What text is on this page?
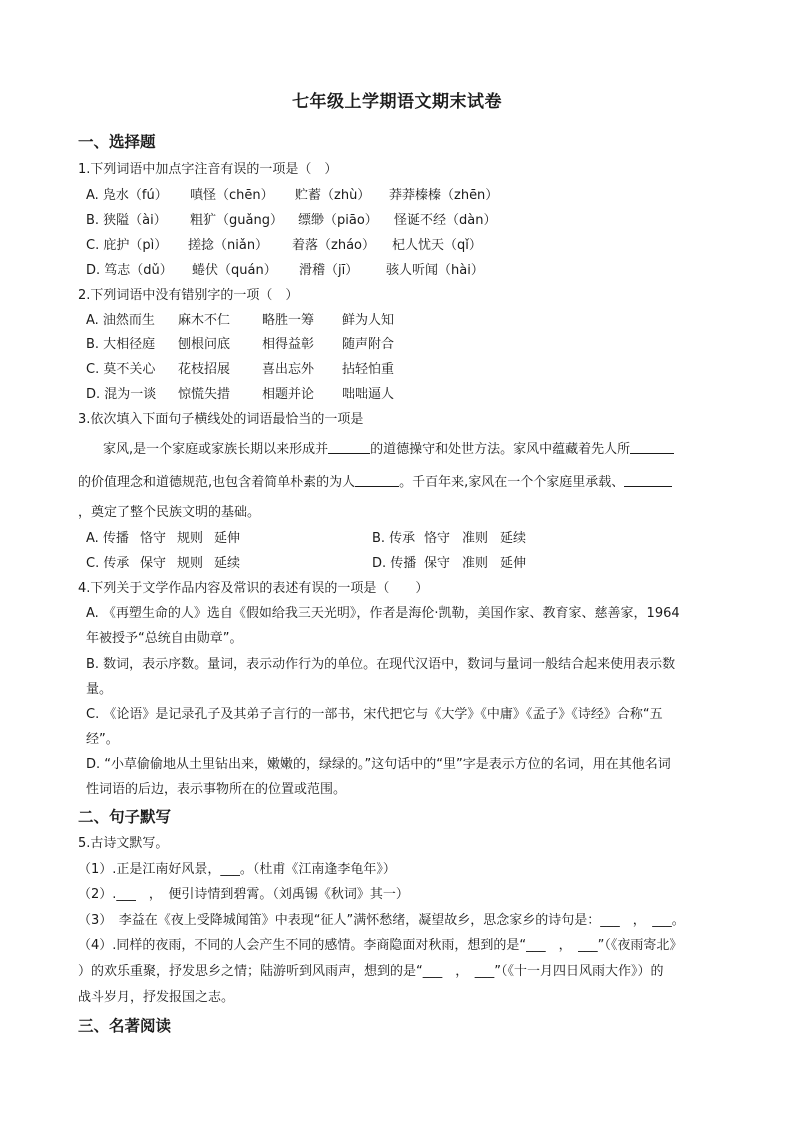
七年级上学期语文期末试卷
一、选择题
1.下列词语中加点字注音有误的一项是（　）
A. 凫水（fú） 嗔怪（chēn） 贮蓄（zhù） 莽莽榛榛（zhēn）
B. 狭隘（ài） 粗犷（guǎng） 缥缈（piāo） 怪诞不经（dàn）
C. 庇护（pì） 搓捻（niǎn） 着落（zháo） 杞人忧天（qǐ）
D. 笃志（dǔ） 蜷伏（quán） 滑稽（jī） 骇人听闻（hài）
2.下列词语中没有错别字的一项（　）
A. 油然而生 麻木不仁 略胜一筹 鲜为人知
B. 大相径庭 刨根问底 相得益彰 随声附合
C. 莫不关心 花枝招展 喜出忘外 拈轻怕重
D. 混为一谈 惊慌失措 相题并论 咄咄逼人
3.依次填入下面句子横线处的词语最恰当的一项是
家风,是一个家庭或家族长期以来形成并	的道德操守和处世方法。家风中蕴藏着先人所
的价值理念和道德规范,也包含着简单朴素的为人	。千百年来,家风在一个个家庭里承载、
，奠定了整个民族文明的基础。
A. 传播 恪守 规则 延伸	B. 传承 恪守 准则 延续
C. 传承 保守 规则 延续	D. 传播 保守 准则 延伸
4.下列关于文学作品内容及常识的表述有误的一项是（　　）
A. 《再塑生命的人》选自《假如给我三天光明》，作者是海伦·凯勒，美国作家、教育家、慈善家，1964
年被授予“总统自由勋章”。
B. 数词，表示序数。量词，表示动作行为的单位。在现代汉语中，数词与量词一般结合起来使用表示数
量。
C. 《论语》是记录孔子及其弟子言行的一部书，宋代把它与《大学》《中庸》《孟子》《诗经》合称“五
经”。
D. “小草偷偷地从土里钻出来，嫩嫩的，绿绿的。”这句话中的“里”字是表示方位的名词，用在其他名词
性词语的后边，表示事物所在的位置或范围。
二、句子默写
5.古诗文默写。
（1）.正是江南好风景，___。（杜甫《江南逢李龟年》）
（2）.___　，　便引诗情到碧霄。（刘禹锡《秋词》其一）
（3）　李益在《夜上受降城闻笛》中表现“征人”满怀愁绪，凝望故乡，思念家乡的诗句是：___　，　___。
（4）.同样的夜雨，不同的人会产生不同的感情。李商隐面对秋雨，想到的是“___　，　___”（《夜雨寄北》
）的欢乐重聚，抒发思乡之情；陆游听到风雨声，想到的是“___　，　___”（《十一月四日风雨大作》）的
战斗岁月，抒发报国之志。
三、名著阅读
